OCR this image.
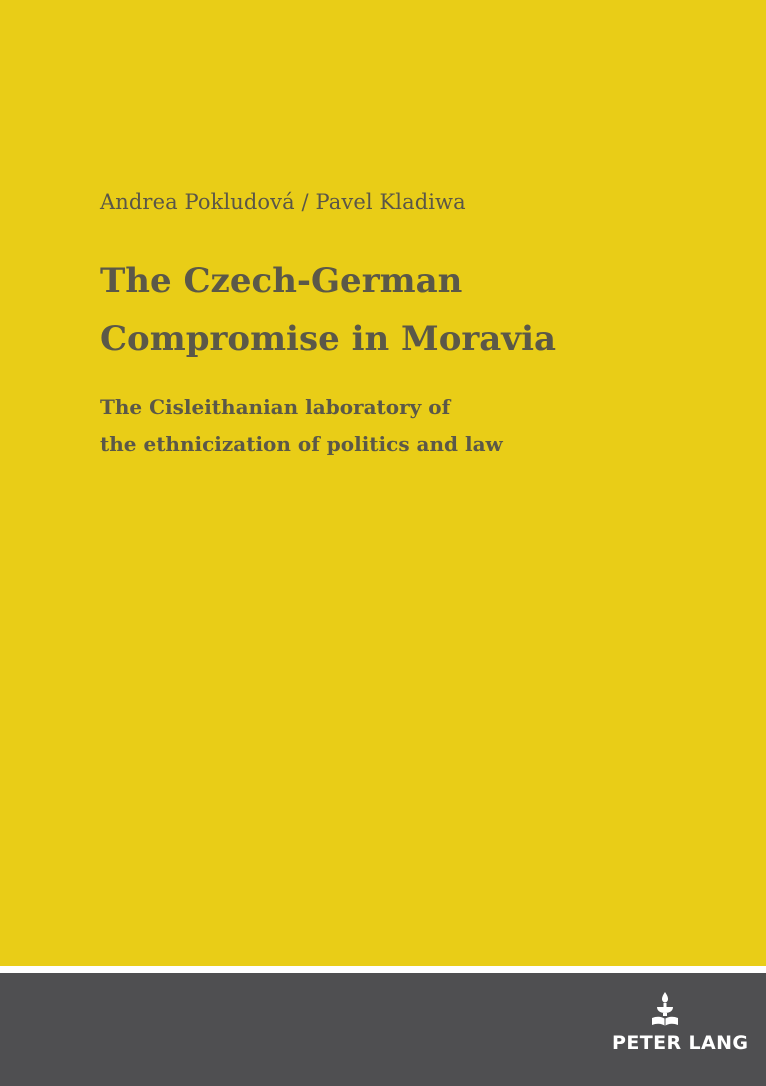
Andrea Pokludová / Pavel Kladiwa
The Czech-German
Compromise in Moravia
The Cisleithanian laboratory of
the ethnicization of politics and law
PETER LANG
